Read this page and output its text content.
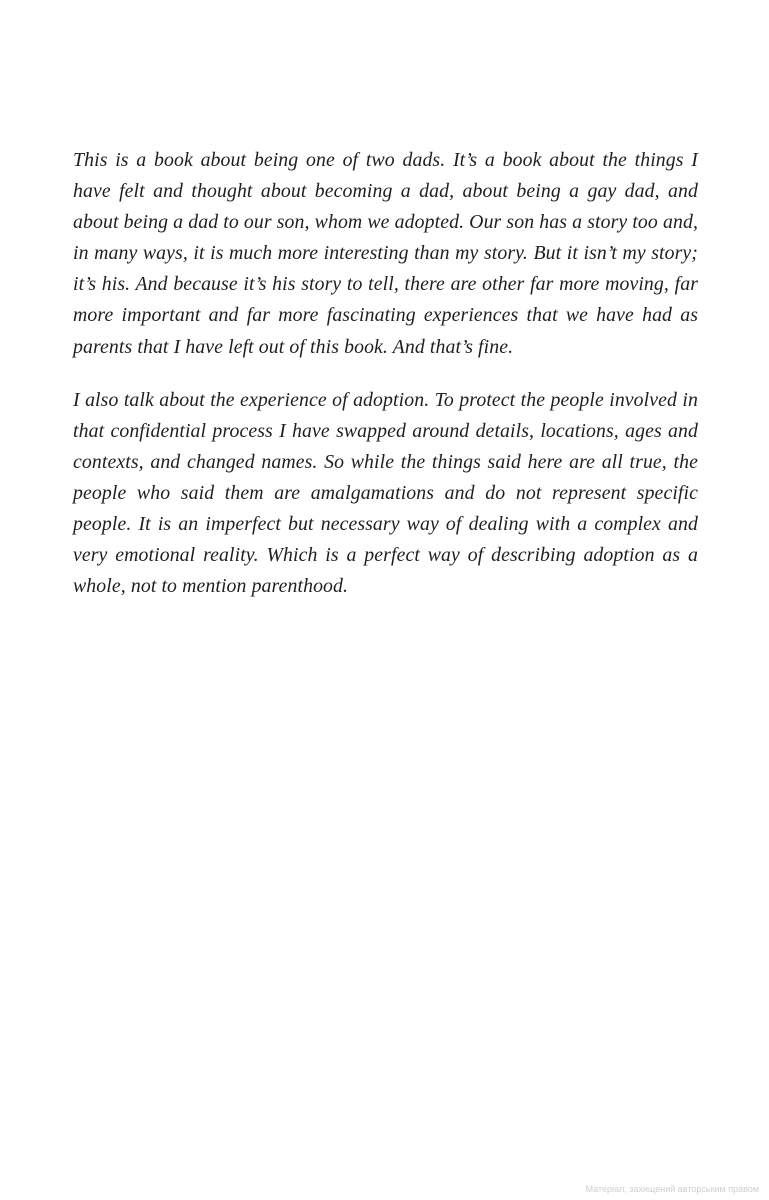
This is a book about being one of two dads. It’s a book about the things I have felt and thought about becoming a dad, about being a gay dad, and about being a dad to our son, whom we adopted. Our son has a story too and, in many ways, it is much more interesting than my story. But it isn’t my story; it’s his. And because it’s his story to tell, there are other far more moving, far more important and far more fascinating experiences that we have had as parents that I have left out of this book. And that’s fine.

I also talk about the experience of adoption. To protect the people involved in that confidential process I have swapped around details, locations, ages and contexts, and changed names. So while the things said here are all true, the people who said them are amalgamations and do not represent specific people. It is an imperfect but necessary way of dealing with a complex and very emotional reality. Which is a perfect way of describing adoption as a whole, not to mention parenthood.

Матеріал, захищений авторським правом
